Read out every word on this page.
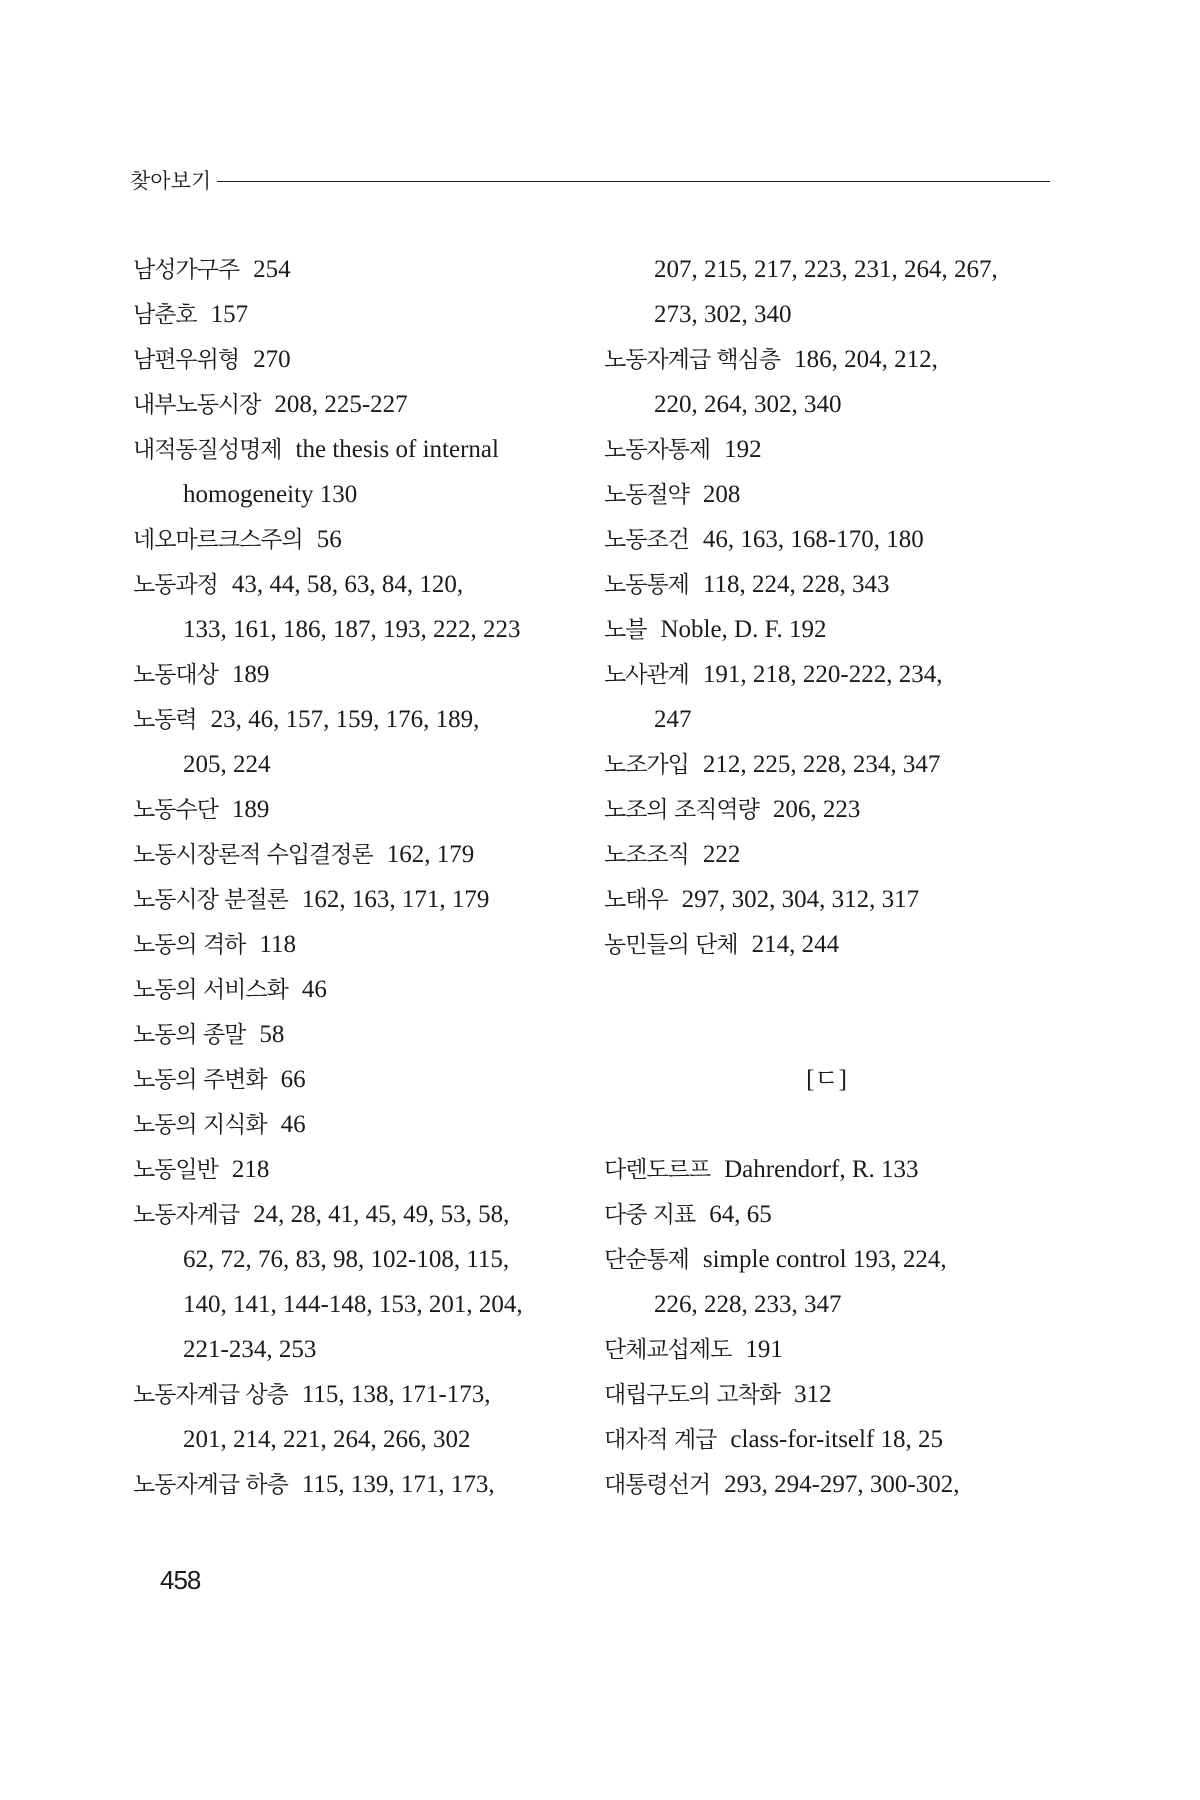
찾아보기
남성가구주 254
남춘호 157
남편우위형 270
내부노동시장 208, 225-227
내적동질성명제 the thesis of internal
homogeneity 130
네오마르크스주의 56
노동과정 43, 44, 58, 63, 84, 120,
133, 161, 186, 187, 193, 222, 223
노동대상 189
노동력 23, 46, 157, 159, 176, 189,
205, 224
노동수단 189
노동시장론적 수입결정론 162, 179
노동시장 분절론 162, 163, 171, 179
노동의 격하 118
노동의 서비스화 46
노동의 종말 58
노동의 주변화 66
노동의 지식화 46
노동일반 218
노동자계급 24, 28, 41, 45, 49, 53, 58,
62, 72, 76, 83, 98, 102-108, 115,
140, 141, 144-148, 153, 201, 204,
221-234, 253
노동자계급 상층 115, 138, 171-173,
201, 214, 221, 264, 266, 302
노동자계급 하층 115, 139, 171, 173,
207, 215, 217, 223, 231, 264, 267,
273, 302, 340
노동자계급 핵심층 186, 204, 212,
220, 264, 302, 340
노동자통제 192
노동절약 208
노동조건 46, 163, 168-170, 180
노동통제 118, 224, 228, 343
노블 Noble, D. F. 192
노사관계 191, 218, 220-222, 234,
247
노조가입 212, 225, 228, 234, 347
노조의 조직역량 206, 223
노조조직 222
노태우 297, 302, 304, 312, 317
농민들의 단체 214, 244
[ㄷ]
다렌도르프 Dahrendorf, R. 133
다중 지표 64, 65
단순통제 simple control 193, 224,
226, 228, 233, 347
단체교섭제도 191
대립구도의 고착화 312
대자적 계급 class-for-itself 18, 25
대통령선거 293, 294-297, 300-302,
458
